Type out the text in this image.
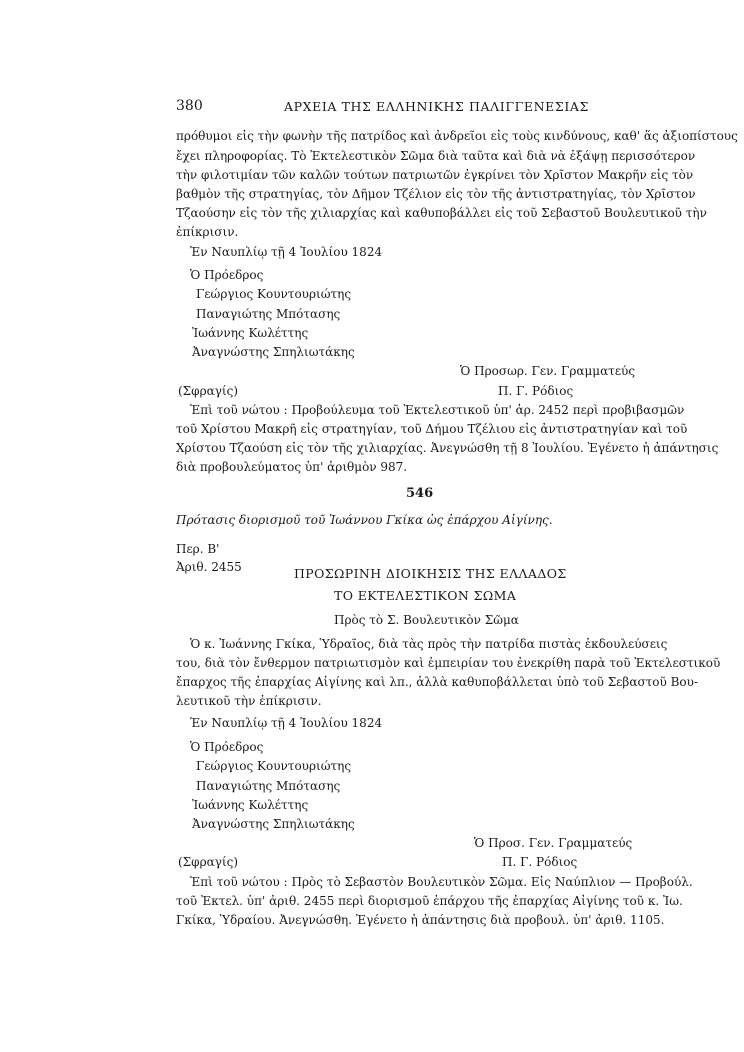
380	ΑΡΧΕΙΑ ΤΗΣ ΕΛΛΗΝΙΚΗΣ ΠΑΛΙΓΓΕΝΕΣΙΑΣ
πρόθυμοι εἰς τὴν φωνὴν τῆς πατρίδος καὶ ἀνδρεῖοι εἰς τοὺς κινδύνους, καθ' ἅς ἀξιοπίστους
ἔχει πληροφορίας. Τὸ Ἐκτελεστικὸν Σῶμα διὰ ταῦτα καὶ διὰ νὰ ἐξάψῃ περισσότερον
τὴν φιλοτιμίαν τῶν καλῶν τούτων πατριωτῶν ἐγκρίνει τὸν Χρῖστον Μακρῆν εἰς τὸν
βαθμὸν τῆς στρατηγίας, τὸν Δῆμον Τζέλιον εἰς τὸν τῆς ἀντιστρατηγίας, τὸν Χρῖστον
Τζαούσην εἰς τὸν τῆς χιλιαρχίας καὶ καθυποβάλλει εἰς τοῦ Σεβαστοῦ Βουλευτικοῦ τὴν
ἐπίκρισιν.
Ἐν Ναυπλίῳ τῇ 4 Ἰουλίου 1824
Ὁ Πρόεδρος
Γεώργιος Κουντουριώτης
Παναγιώτης Μπότασης
Ἰωάννης Κωλέττης
Ἀναγνώστης Σπηλιωτάκης
Ὁ Προσωρ. Γεν. Γραμματεύς
(Σφραγίς)	Π. Γ. Ρόδιος
Ἐπὶ τοῦ νώτου : Προβούλευμα τοῦ Ἐκτελεστικοῦ ὑπ' ἀρ. 2452 περὶ προβιβασμῶν
τοῦ Χρίστου Μακρῆ εἰς στρατηγίαν, τοῦ Δήμου Τζέλιου εἰς ἀντιστρατηγίαν καὶ τοῦ
Χρίστου Τζαούση εἰς τὸν τῆς χιλιαρχίας. Ἀνεγνώσθη τῇ 8 Ἰουλίου. Ἐγένετο ἡ ἀπάντησις
διὰ προβουλεύματος ὑπ' ἀριθμὸν 987.
546
Πρότασις διορισμοῦ τοῦ Ἰωάννου Γκίκα ὡς ἐπάρχου Αἰγίνης.
Περ. Β'
Ἀριθ. 2455	ΠΡΟΣΩΡΙΝΗ ΔΙΟΙΚΗΣΙΣ ΤΗΣ ΕΛΛΑΔΟΣ
ΤΟ ΕΚΤΕΛΕΣΤΙΚΟΝ ΣΩΜΑ
Πρὸς τὸ Σ. Βουλευτικὸν Σῶμα
Ὁ κ. Ἰωάννης Γκίκα, Ὑδραῖος, διὰ τὰς πρὸς τὴν πατρίδα πιστὰς ἐκδουλεύσεις
του, διὰ τὸν ἔνθερμον πατριωτισμὸν καὶ ἐμπειρίαν του ἐνεκρίθη παρὰ τοῦ Ἐκτελεστικοῦ
ἔπαρχος τῆς ἐπαρχίας Αἰγίνης καὶ λπ., ἀλλὰ καθυποβάλλεται ὑπὸ τοῦ Σεβαστοῦ Βου-
λευτικοῦ τὴν ἐπίκρισιν.
Ἐν Ναυπλίῳ τῇ 4 Ἰουλίου 1824
Ὁ Πρόεδρος
Γεώργιος Κουντουριώτης
Παναγιώτης Μπότασης
Ἰωάννης Κωλέττης
Ἀναγνώστης Σπηλιωτάκης
Ὁ Προσ. Γεν. Γραμματεύς
(Σφραγίς)	Π. Γ. Ρόδιος
Ἐπὶ τοῦ νώτου : Πρὸς τὸ Σεβαστὸν Βουλευτικὸν Σῶμα. Εἰς Ναύπλιον — Προβούλ.
τοῦ Ἐκτελ. ὑπ' ἀριθ. 2455 περὶ διορισμοῦ ἐπάρχου τῆς ἐπαρχίας Αἰγίνης τοῦ κ. Ἰω.
Γκίκα, Ὑδραίου. Ἀνεγνώσθη. Ἐγένετο ἡ ἀπάντησις διὰ προβουλ. ὑπ' ἀριθ. 1105.
